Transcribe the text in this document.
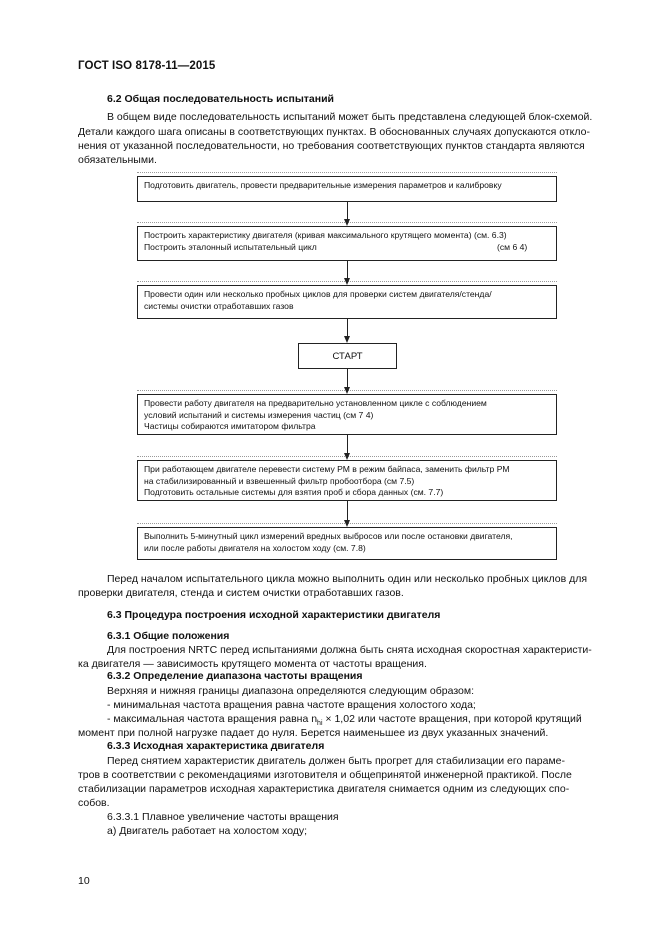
ГОСТ ISO 8178-11—2015
6.2 Общая последовательность испытаний
В общем виде последовательность испытаний может быть представлена следующей блок-схемой.
Детали каждого шага описаны в соответствующих пунктах. В обоснованных случаях допускаются откло-
нения от указанной последовательности, но требования соответствующих пунктов стандарта являются
обязательными.
Подготовить двигатель, провести предварительные измерения параметров и калибровку
Построить характеристику двигателя (кривая максимального крутящего момента) (см. 6.3)
Построить эталонный испытательный цикл	(см 6 4)
Провести один или несколько пробных циклов для проверки систем двигателя/стенда/
системы очистки отработавших газов
СТАРТ
Провести работу двигателя на предварительно установленном цикле с соблюдением
условий испытаний и системы измерения частиц (см 7 4)
Частицы собираются имитатором фильтра
При работающем двигателе перевести систему РМ в режим байпаса, заменить фильтр РМ
на стабилизированный и взвешенный фильтр пробоотбора (см 7.5)
Подготовить остальные системы для взятия проб и сбора данных (см. 7.7)
Выполнить 5-минутный цикл измерений вредных выбросов или после остановки двигателя,
или после работы двигателя на холостом ходу (см. 7.8)
Перед началом испытательного цикла можно выполнить один или несколько пробных циклов для
проверки двигателя, стенда и систем очистки отработавших газов.
6.3 Процедура построения исходной характеристики двигателя
6.3.1 Общие положения
Для построения NRTC перед испытаниями должна быть снята исходная скоростная характеристи-
ка двигателя — зависимость крутящего момента от частоты вращения.
6.3.2 Определение диапазона частоты вращения
Верхняя и нижняя границы диапазона определяются следующим образом:
- минимальная частота вращения равна частоте вращения холостого хода;
- максимальная частота вращения равна $n_{hi} \times 1,02$ или частоте вращения, при которой крутящий
момент при полной нагрузке падает до нуля. Берется наименьшее из двух указанных значений.
6.3.3 Исходная характеристика двигателя
Перед снятием характеристик двигатель должен быть прогрет для стабилизации его параме-
тров в соответствии с рекомендациями изготовителя и общепринятой инженерной практикой. После
стабилизации параметров исходная характеристика двигателя снимается одним из следующих спо-
собов.
6.3.3.1 Плавное увеличение частоты вращения
а) Двигатель работает на холостом ходу;
10
